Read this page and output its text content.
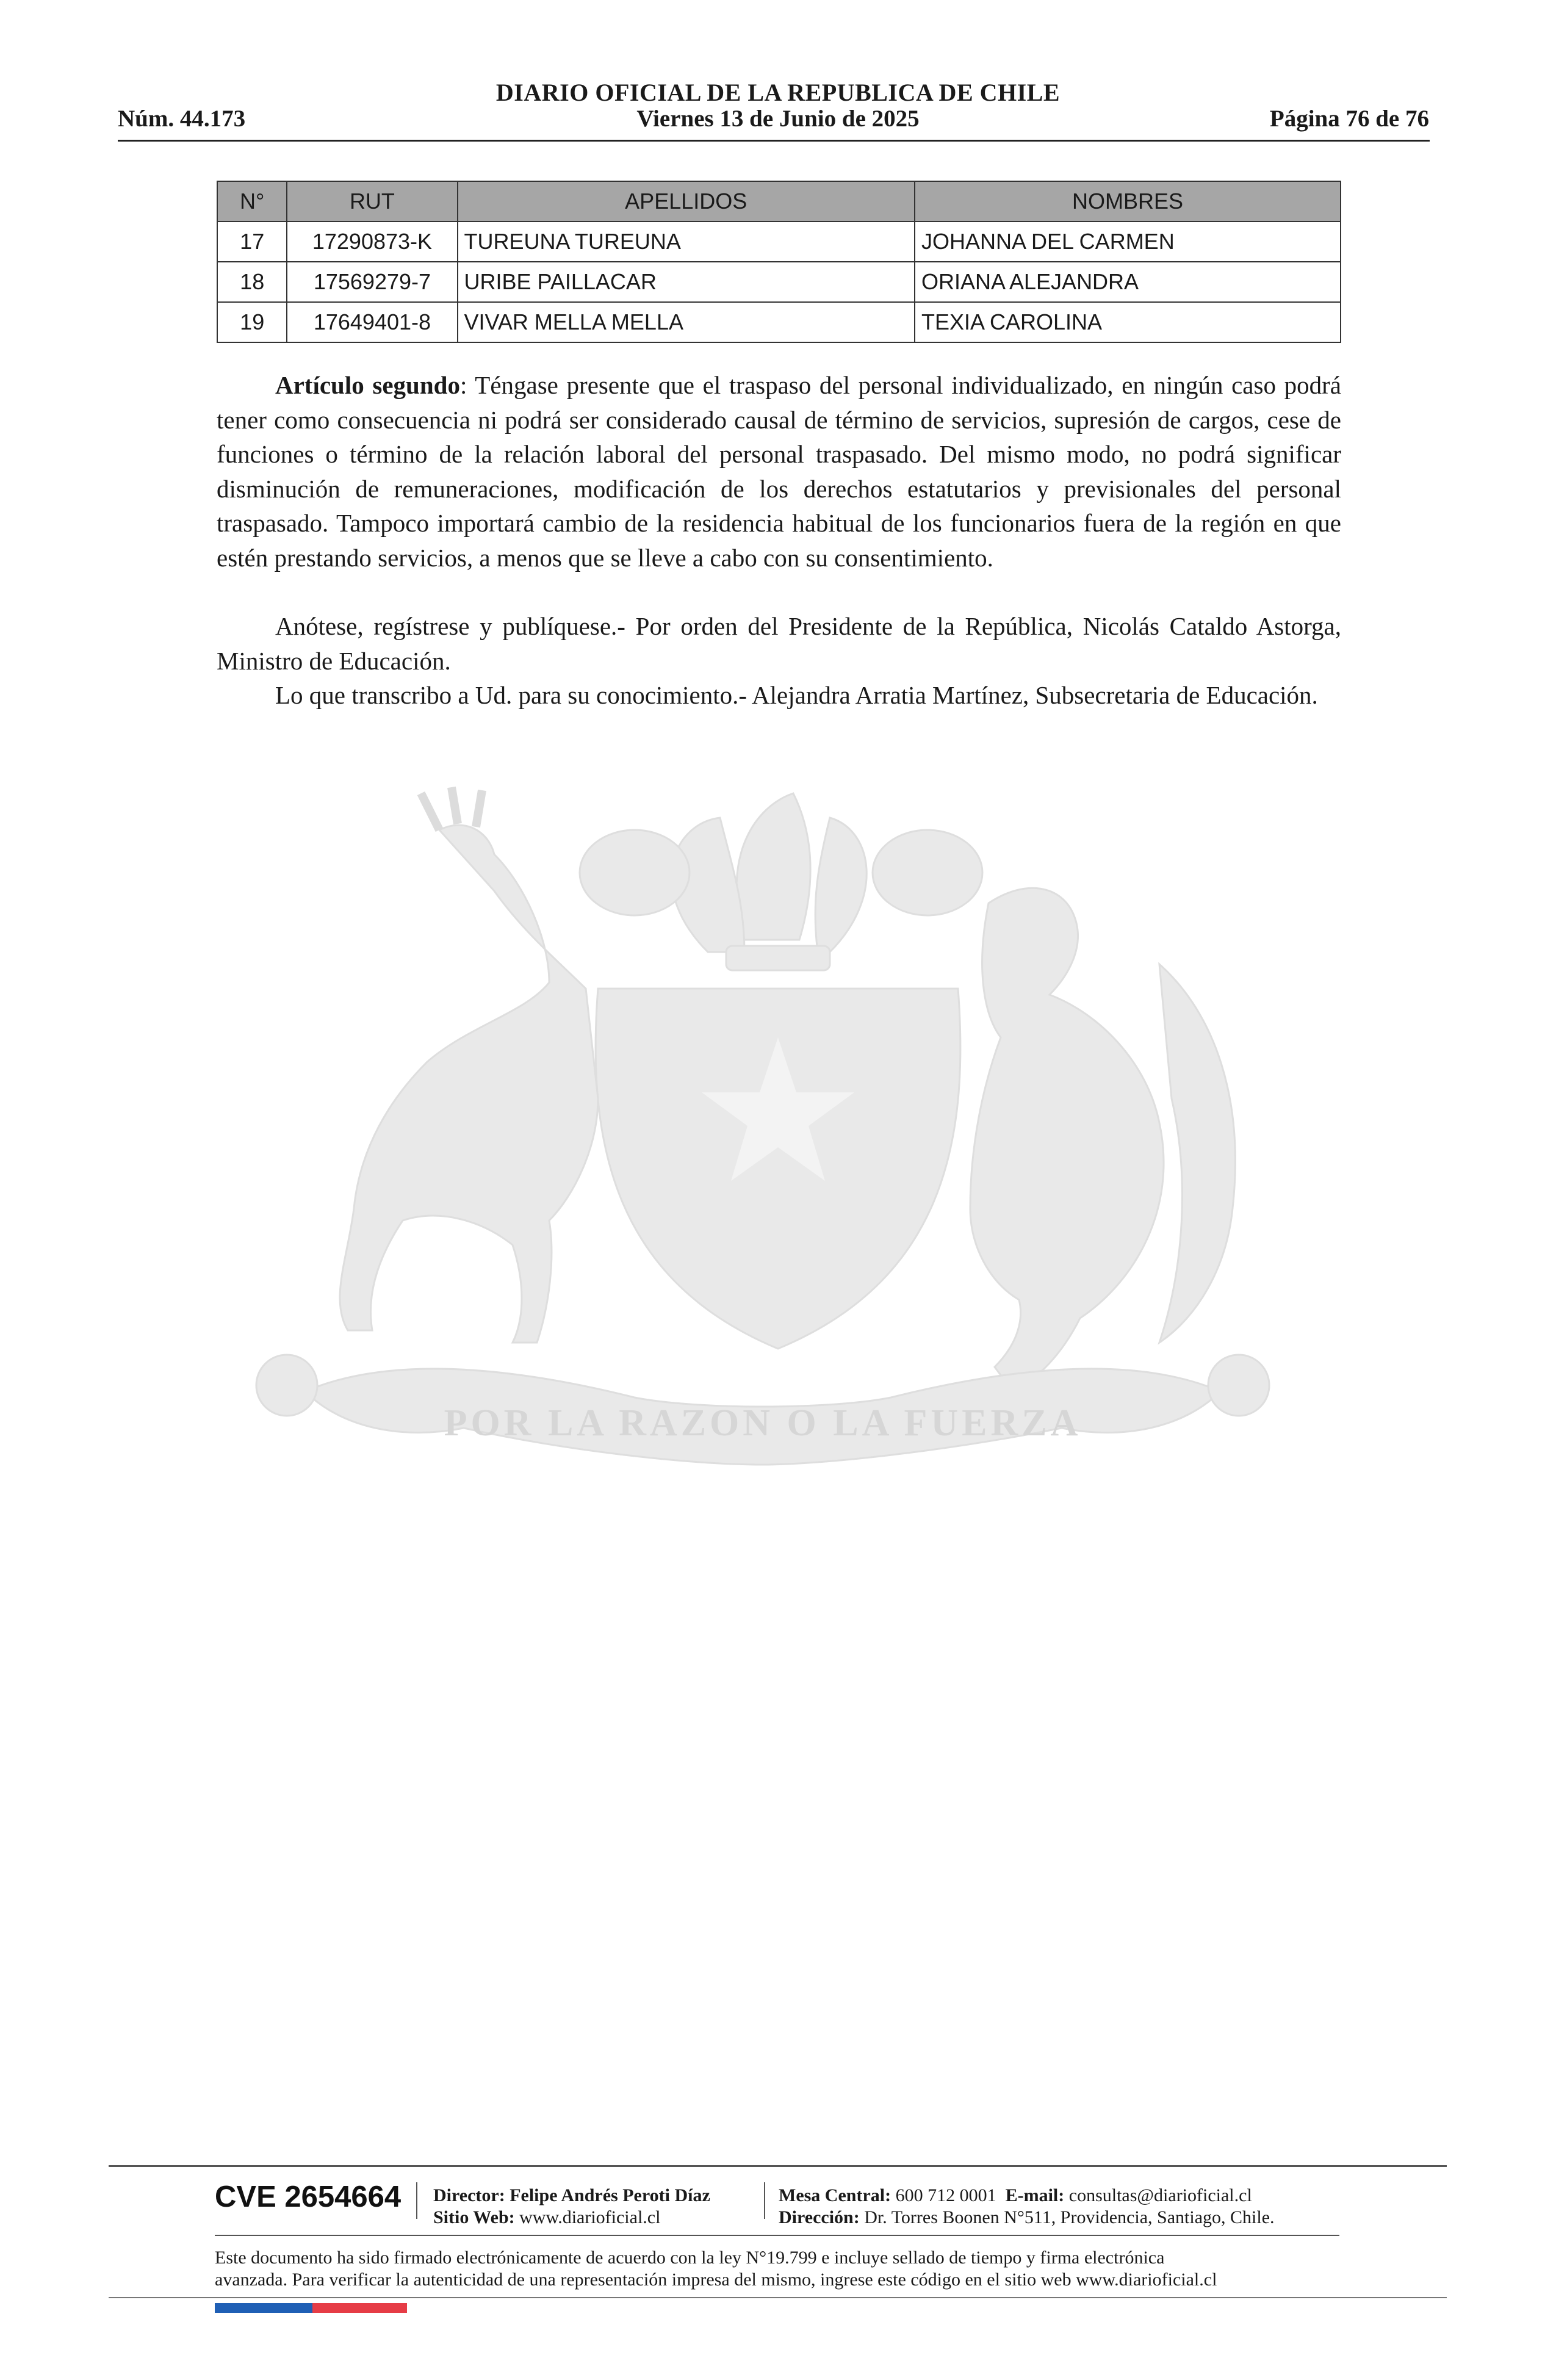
DIARIO OFICIAL DE LA REPUBLICA DE CHILE
Núm. 44.173	Viernes 13 de Junio de 2025	Página 76 de 76
N°	RUT	APELLIDOS	NOMBRES
17	17290873-K	TUREUNA TUREUNA	JOHANNA DEL CARMEN
18	17569279-7	URIBE PAILLACAR	ORIANA ALEJANDRA
19	17649401-8	VIVAR MELLA MELLA	TEXIA CAROLINA

Artículo segundo: Téngase presente que el traspaso del personal individualizado, en ningún caso podrá tener como consecuencia ni podrá ser considerado causal de término de servicios, supresión de cargos, cese de funciones o término de la relación laboral del personal traspasado. Del mismo modo, no podrá significar disminución de remuneraciones, modificación de los derechos estatutarios y previsionales del personal traspasado. Tampoco importará cambio de la residencia habitual de los funcionarios fuera de la región en que estén prestando servicios, a menos que se lleve a cabo con su consentimiento.

Anótese, regístrese y publíquese.- Por orden del Presidente de la República, Nicolás Cataldo Astorga, Ministro de Educación.

Lo que transcribo a Ud. para su conocimiento.- Alejandra Arratia Martínez, Subsecretaria de Educación.

POR LA RAZON O LA FUERZA
CVE 2654664 Director: Felipe Andrés Peroti Díaz
Sitio Web: www.diarioficial.cl
Mesa Central: 600 712 0001 E-mail: consultas@diarioficial.cl
Dirección: Dr. Torres Boonen N°511, Providencia, Santiago, Chile.
Este documento ha sido firmado electrónicamente de acuerdo con la ley N°19.799 e incluye sellado de tiempo y firma electrónica
avanzada. Para verificar la autenticidad de una representación impresa del mismo, ingrese este código en el sitio web www.diarioficial.cl
